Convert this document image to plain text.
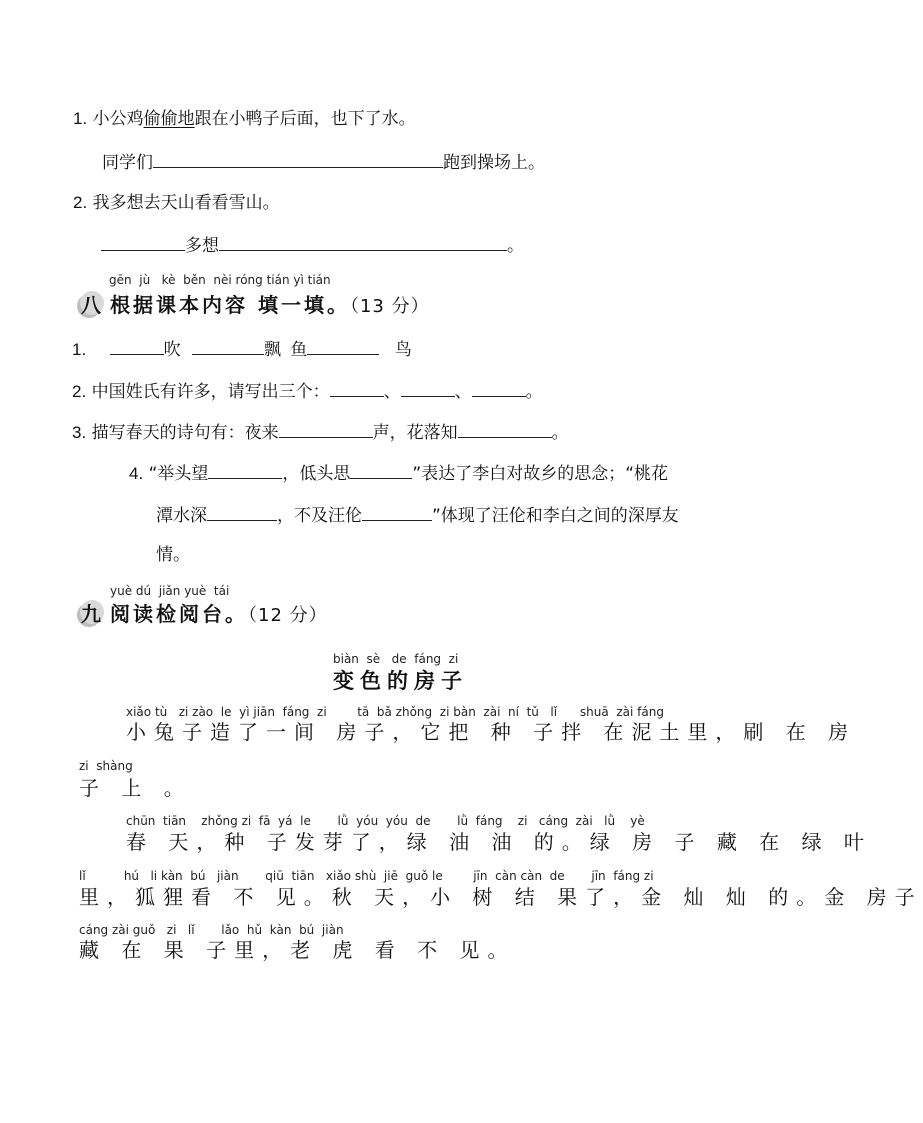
1. 小公鸡偷偷地跟在小鸭子后面，也下了水。
同学们	跑到操场上。
2. 我多想去天山看看雪山。
多想	。
gēn  jù   kè  běn  nèi róng tián yì tián
八 根据课本内容 填一填。（13 分）
1.	吹	飘 鱼	鸟
2. 中国姓氏有许多，请写出三个：	、	、	。
3. 描写春天的诗句有：夜来	声，花落知	。
4. “举头望	，低头思	”表达了李白对故乡的思念；“桃花
潭水深	，不及汪伦	”体现了汪伦和李白之间的深厚友
情。
yuè dú  jiǎn yuè  tái
九 阅读检阅台。（12 分）
biàn  sè   de  fáng  zi
变色的房子
xiǎo tù   zi zào  le  yì jiān  fáng  zi        tā  bǎ zhǒng  zi bàn  zài  ní  tǔ   lǐ      shuā  zài fáng
小兔子造了一间 房子，它把 种 子拌 在泥土里，刷 在 房
zi  shàng
子 上 。
chūn  tiān    zhǒng zi  fā  yá  le       lǜ  yóu  yóu  de       lǜ  fáng    zi   cáng  zài   lǜ    yè
春 天，种 子发芽了，绿 油 油 的。绿 房 子 藏 在 绿 叶
lǐ          hú   li kàn  bú   jiàn       qiū  tiān   xiǎo shù  jiē  guǒ le        jīn  càn càn  de       jīn  fáng zi
里，狐狸看 不 见。秋 天，小 树 结 果了，金 灿 灿 的。金 房子
cáng zài guǒ   zi   lǐ       lǎo  hǔ  kàn  bú  jiàn
藏 在 果 子里，老 虎 看 不 见。
